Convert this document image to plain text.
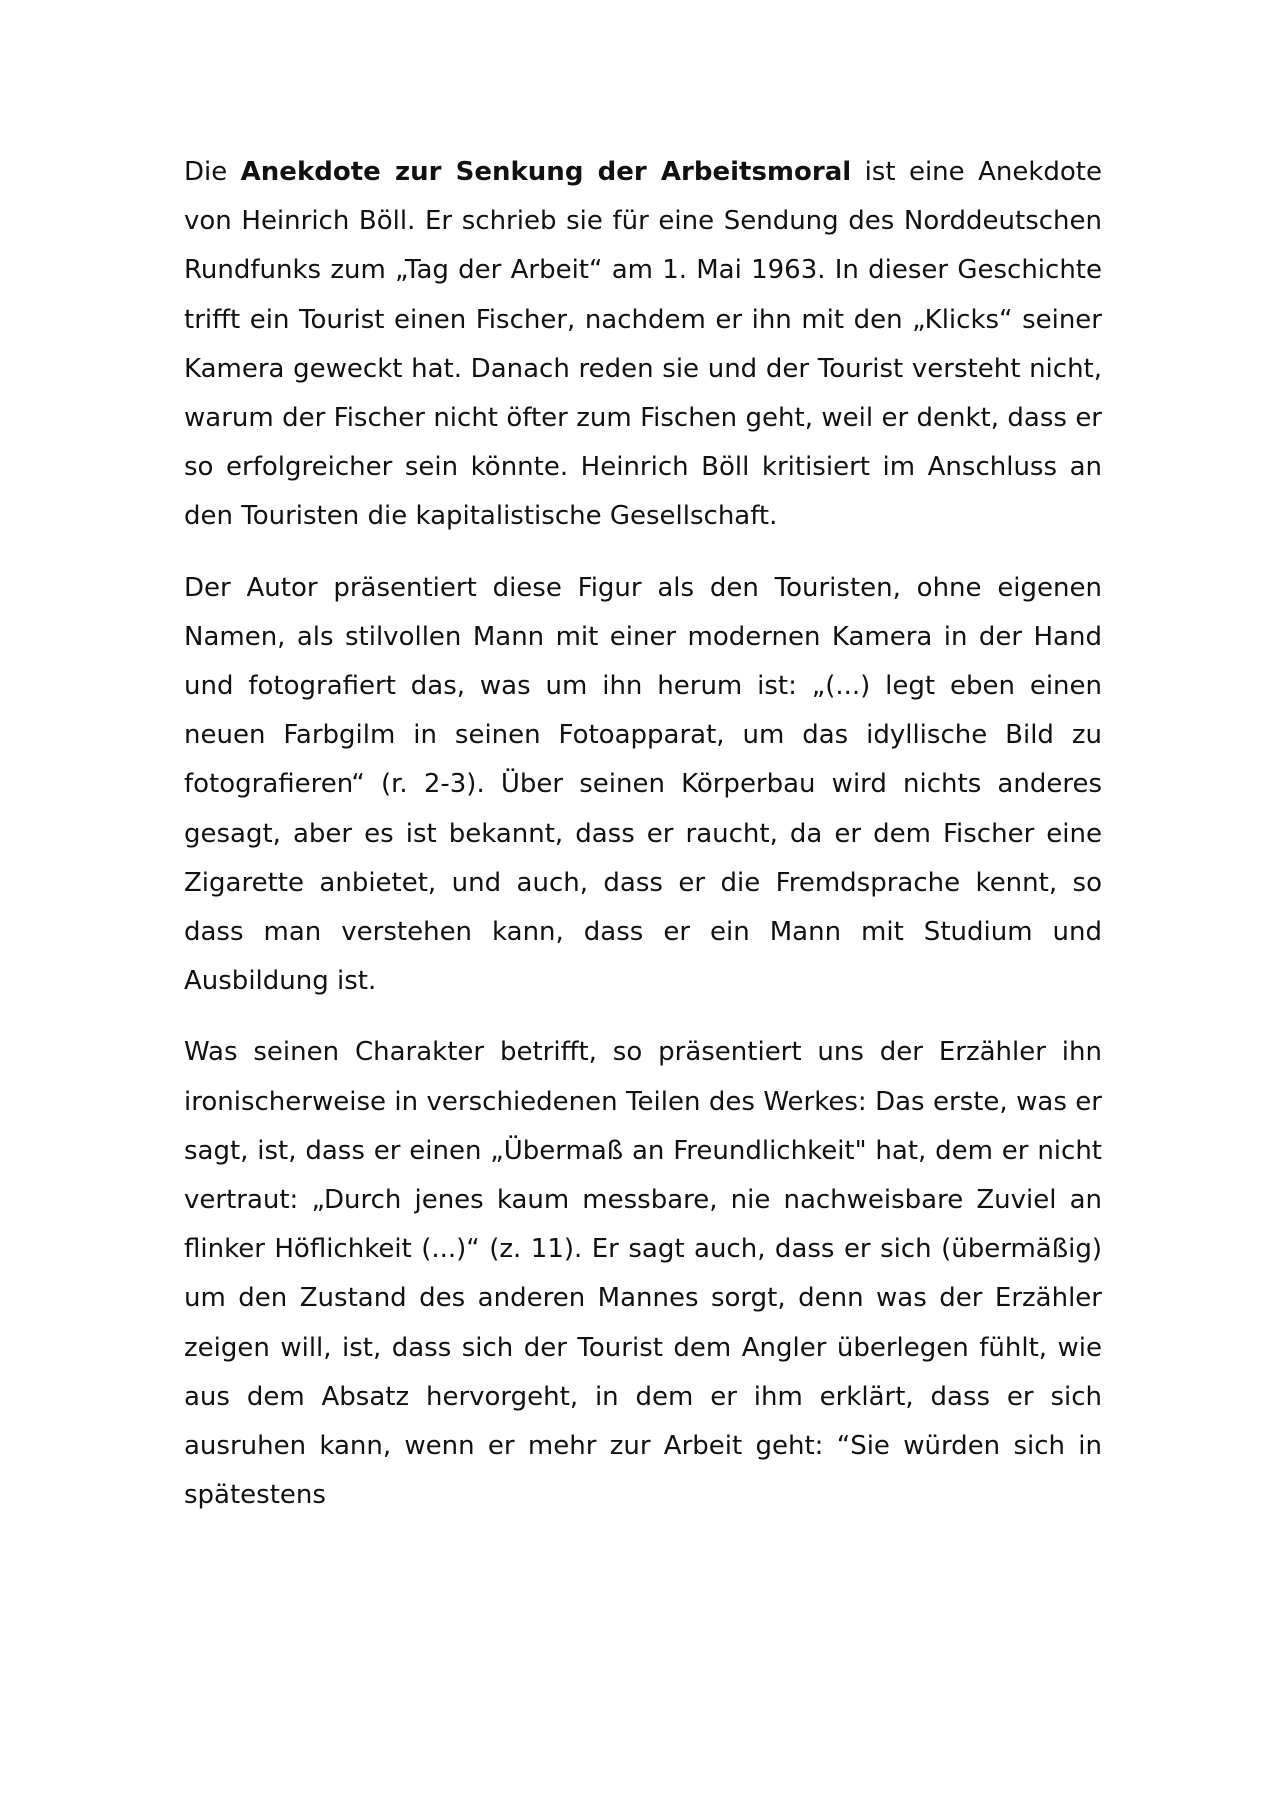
Die Anekdote zur Senkung der Arbeitsmoral ist eine Anekdote von Heinrich Böll. Er schrieb sie für eine Sendung des Norddeutschen Rundfunks zum „Tag der Arbeit“ am 1. Mai 1963. In dieser Geschichte trifft ein Tourist einen Fischer, nachdem er ihn mit den „Klicks“ seiner Kamera geweckt hat. Danach reden sie und der Tourist versteht nicht, warum der Fischer nicht öfter zum Fischen geht, weil er denkt, dass er so erfolgreicher sein könnte. Heinrich Böll kritisiert im Anschluss an den Touristen die kapitalistische Gesellschaft.

Der Autor präsentiert diese Figur als den Touristen, ohne eigenen Namen, als stilvollen Mann mit einer modernen Kamera in der Hand und fotografiert das, was um ihn herum ist: „(...) legt eben einen neuen Farbgilm in seinen Fotoapparat, um das idyllische Bild zu fotografieren“ (r. 2-3). Über seinen Körperbau wird nichts anderes gesagt, aber es ist bekannt, dass er raucht, da er dem Fischer eine Zigarette anbietet, und auch, dass er die Fremdsprache kennt, so dass man verstehen kann, dass er ein Mann mit Studium und Ausbildung ist.

Was seinen Charakter betrifft, so präsentiert uns der Erzähler ihn ironischerweise in verschiedenen Teilen des Werkes: Das erste, was er sagt, ist, dass er einen „Übermaß an Freundlichkeit" hat, dem er nicht vertraut: „Durch jenes kaum messbare, nie nachweisbare Zuviel an flinker Höflichkeit (...)“ (z. 11). Er sagt auch, dass er sich (übermäßig) um den Zustand des anderen Mannes sorgt, denn was der Erzähler zeigen will, ist, dass sich der Tourist dem Angler überlegen fühlt, wie aus dem Absatz hervorgeht, in dem er ihm erklärt, dass er sich ausruhen kann, wenn er mehr zur Arbeit geht: “Sie würden sich in spätestens
